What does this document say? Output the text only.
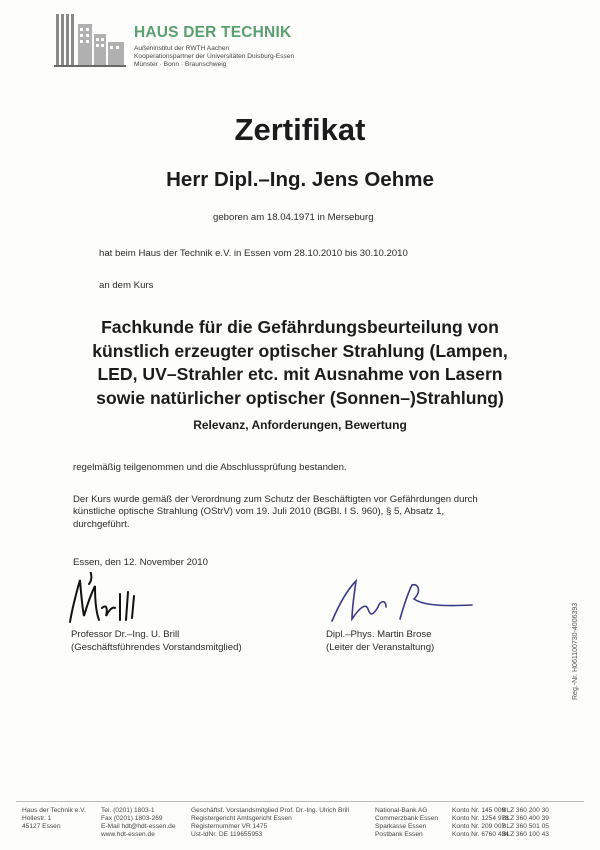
HAUS DER TECHNIK
Außeninstitut der RWTH Aachen
Kooperationspartner der Universitäten Duisburg-Essen
Münster · Bonn · Braunschweig
Zertifikat
Herr Dipl.–Ing. Jens Oehme
geboren am 18.04.1971 in Merseburg
hat beim Haus der Technik e.V. in Essen vom 28.10.2010 bis 30.10.2010
an dem Kurs
Fachkunde für die Gefährdungsbeurteilung von
künstlich erzeugter optischer Strahlung (Lampen,
LED, UV–Strahler etc. mit Ausnahme von Lasern
sowie natürlicher optischer (Sonnen–)Strahlung)
Relevanz, Anforderungen, Bewertung
regelmäßig teilgenommen und die Abschlussprüfung bestanden.
Der Kurs wurde gemäß der Verordnung zum Schutz der Beschäftigten vor Gefährdungen durch
künstliche optische Strahlung (OStrV) vom 19. Juli 2010 (BGBl. I S. 960), § 5, Absatz 1,
durchgeführt.
Essen, den 12. November 2010
Professor Dr.–Ing. U. Brill
(Geschäftsführendes Vorstandsmitglied)
Dipl.–Phys. Martin Brose
(Leiter der Veranstaltung)	Reg.-Nr. H061100730-4006393
Haus der Technik e.V.
Hollestr. 1
45127 Essen
Tel. (0201) 1803-1
Fax (0201) 1803-269
E-Mail hdt@hdt-essen.de
www.hdt-essen.de
Geschäftsf. Vorstandsmitglied Prof. Dr.-Ing. Ulrich Brill
Registergericht Amtsgericht Essen
Registernummer VR 1475
Ust-IdNr. DE 119655953
National-Bank AG
Commerzbank Essen
Sparkasse Essen
Postbank Essen
Konto Nr. 145 009
Konto Nr. 1254 978
Konto Nr. 209 007
Konto Nr. 6760 434
BLZ 360 200 30
BLZ 360 400 39
BLZ 360 501 05
BLZ 360 100 43
